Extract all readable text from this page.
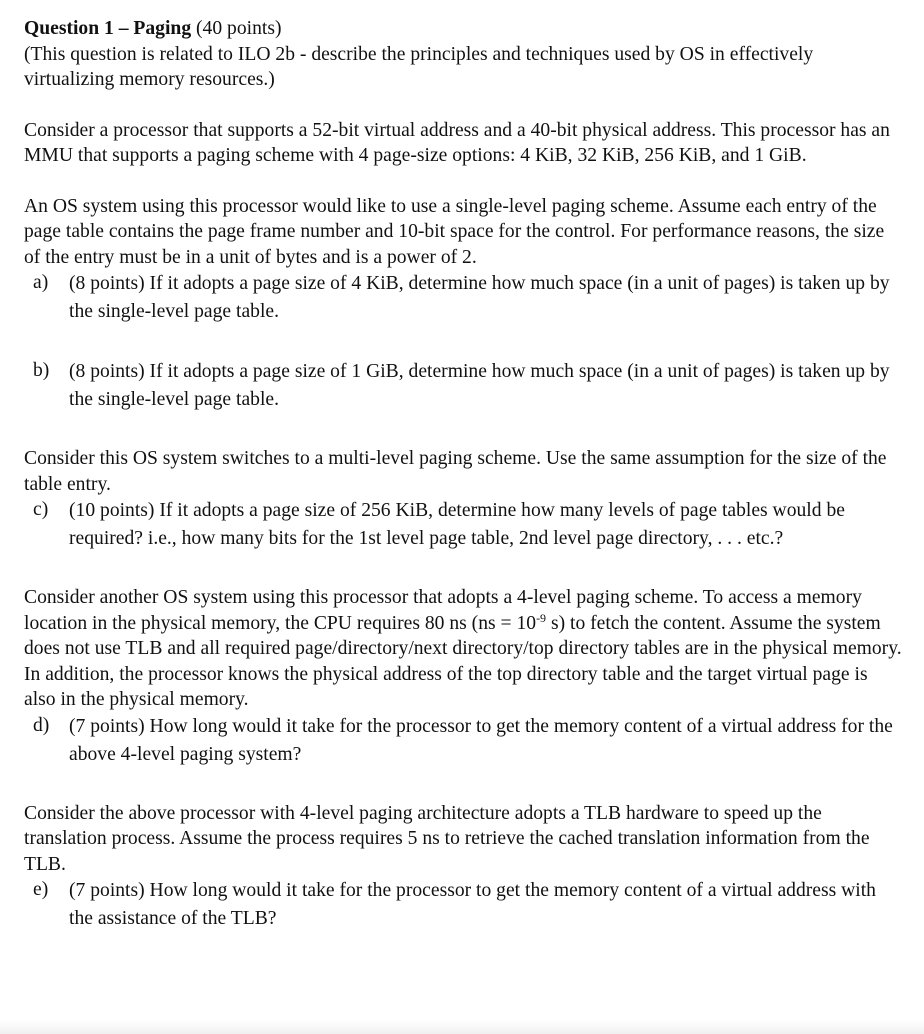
Question 1 – Paging (40 points)

(This question is related to ILO 2b - describe the principles and techniques used by OS in effectively virtualizing memory resources.)

Consider a processor that supports a 52-bit virtual address and a 40-bit physical address. This processor has an MMU that supports a paging scheme with 4 page-size options: 4 KiB, 32 KiB, 256 KiB, and 1 GiB.

An OS system using this processor would like to use a single-level paging scheme. Assume each entry of the page table contains the page frame number and 10-bit space for the control. For performance reasons, the size of the entry must be in a unit of bytes and is a power of 2.

a)	(8 points) If it adopts a page size of 4 KiB, determine how much space (in a unit of pages) is taken up by the single-level page table.
b)	(8 points) If it adopts a page size of 1 GiB, determine how much space (in a unit of pages) is taken up by the single-level page table.

Consider this OS system switches to a multi-level paging scheme. Use the same assumption for the size of the table entry.

c)	(10 points) If it adopts a page size of 256 KiB, determine how many levels of page tables would be required? i.e., how many bits for the 1st level page table, 2nd level page directory, . . . etc.?

Consider another OS system using this processor that adopts a 4-level paging scheme. To access a memory location in the physical memory, the CPU requires 80 ns ($ns = 10^{-9}$ s) to fetch the content. Assume the system does not use TLB and all required page/directory/next directory/top directory tables are in the physical memory. In addition, the processor knows the physical address of the top directory table and the target virtual page is also in the physical memory.

d)	(7 points) How long would it take for the processor to get the memory content of a virtual address for the above 4-level paging system?

Consider the above processor with 4-level paging architecture adopts a TLB hardware to speed up the translation process. Assume the process requires 5 ns to retrieve the cached translation information from the TLB.

e)	(7 points) How long would it take for the processor to get the memory content of a virtual address with the assistance of the TLB?
